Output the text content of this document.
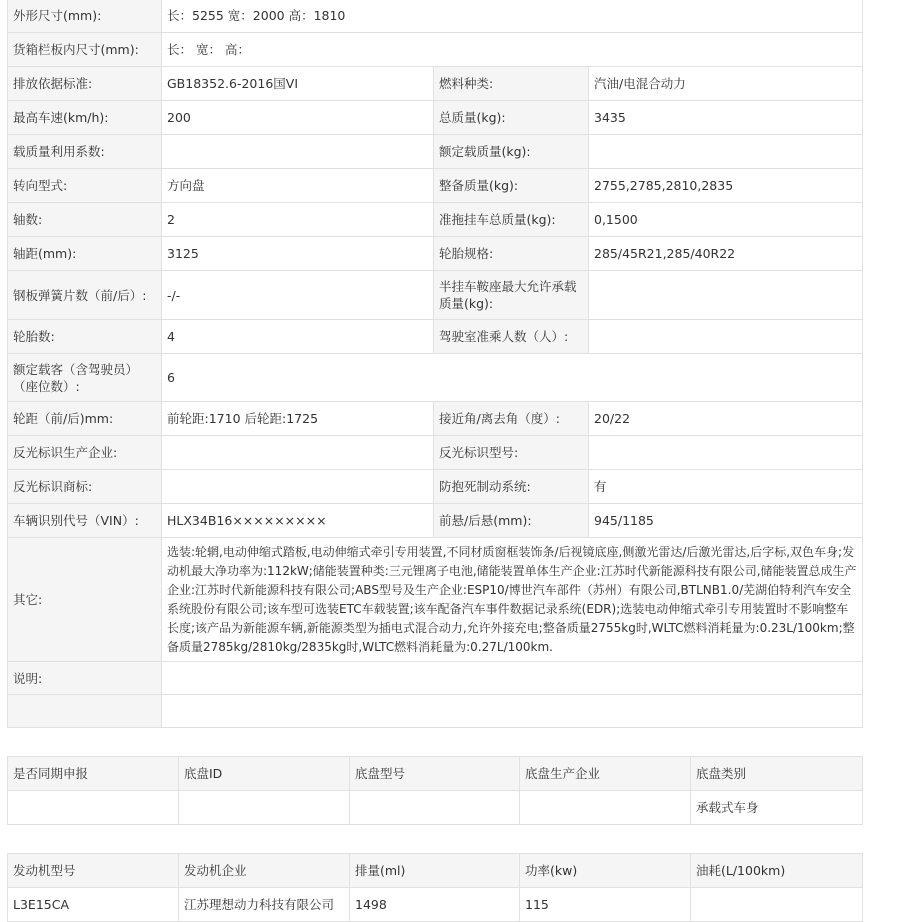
外形尺寸(mm):	长：5255 宽：2000 高：1810		
货箱栏板内尺寸(mm):	长： 宽： 高：		
排放依据标准:	GB18352.6-2016国VI	燃料种类:	汽油/电混合动力
最高车速(km/h):	200	总质量(kg):	3435
载质量利用系数:		额定载质量(kg):	
转向型式:	方向盘	整备质量(kg):	2755,2785,2810,2835
轴数:	2	准拖挂车总质量(kg):	0,1500
轴距(mm):	3125	轮胎规格:	285/45R21,285/40R22
钢板弹簧片数（前/后）:	-/-	半挂车鞍座最大允许承载质量(kg):	
轮胎数:	4	驾驶室准乘人数（人）:	
额定载客（含驾驶员）（座位数）:	6		
轮距（前/后)mm:	前轮距:1710 后轮距:1725	接近角/离去角（度）:	20/22
反光标识生产企业:		反光标识型号:	
反光标识商标:		防抱死制动系统:	有
车辆识别代号（VIN）:	HLX34B16×××××××××	前悬/后悬(mm):	945/1185
其它:	选装:轮辋,电动伸缩式踏板,电动伸缩式牵引专用装置,不同材质窗框装饰条/后视镜底座,侧激光雷达/后激光雷达,后字标,双色车身;发动机最大净功率为:112kW;储能装置种类:三元锂离子电池,储能装置单体生产企业:江苏时代新能源科技有限公司,储能装置总成生产企业:江苏时代新能源科技有限公司;ABS型号及生产企业:ESP10/博世汽车部件（苏州）有限公司,BTLNB1.0/芜湖伯特利汽车安全系统股份有限公司;该车型可选装ETC车载装置;该车配备汽车事件数据记录系统(EDR);选装电动伸缩式牵引专用装置时不影响整车长度;该产品为新能源车辆,新能源类型为插电式混合动力,允许外接充电;整备质量2755kg时,WLTC燃料消耗量为:0.23L/100km;整备质量2785kg/2810kg/2835kg时,WLTC燃料消耗量为:0.27L/100km.		
说明:			

是否同期申报	底盘ID	底盘型号	底盘生产企业	底盘类别
				承载式车身
发动机型号	发动机企业	排量(ml)	功率(kw)	油耗(L/100km)
L3E15CA	江苏理想动力科技有限公司	1498	115	
